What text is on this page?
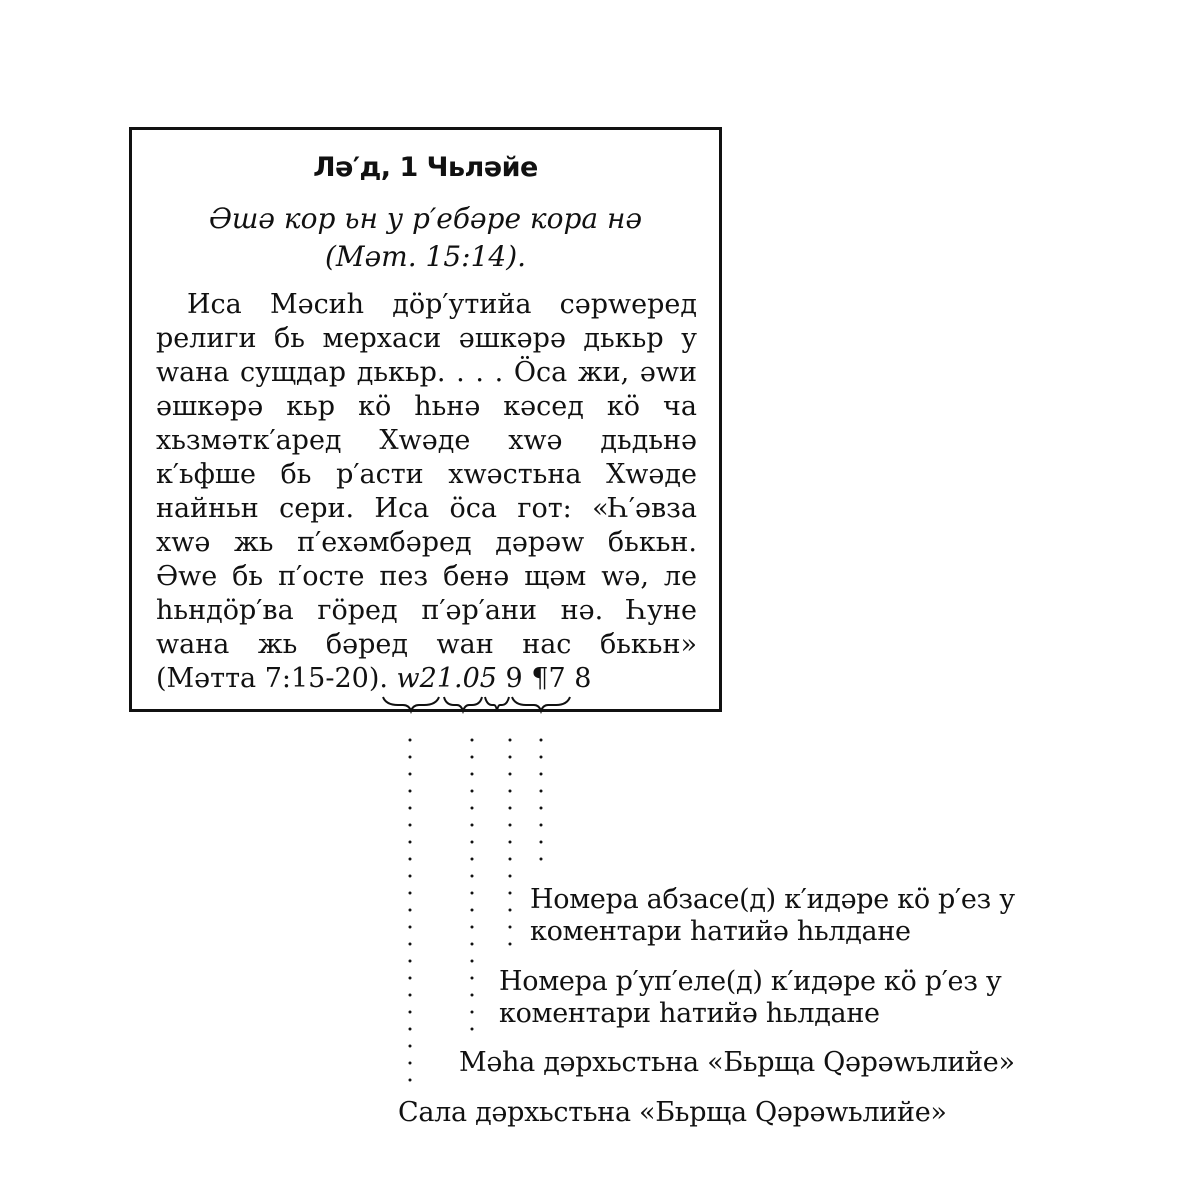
Лә′д, 1 Чьләйе
Әшә кор ьн у р′ебәре кора нә
(Мәт. 15:14).
Иса Мәсиһ дӧр′утийа сәрwеред религи бь мерхаси әшкәрә дькьр у wана сущдар дькьр. . . . Ӧса жи, әwи әшкәрә кьр кӧ һьнә кәсед кӧ ча хьзмәтк′аред Хwәде хwә дьдьнә к′ьфше бь р′асти хwәстьна Хwәде найньн сери. Иса ӧса гот: «Һ′әвза хwә жь п′ехәмбәред дәрәw бькьн. Әwе бь п′осте пез бенә щәм wә, ле һьндӧр′ва гӧред п′әр′ани нә. Һуне wана жь бәред wан нас бькьн» (Мәтта 7:15-20). w21.05 9 ¶7 8
Номера абзасе(д) к′идәре кӧ р′ез у
коментари һатийә һьлдане
Номера р′уп′еле(д) к′идәре кӧ р′ез у
коментари һатийә һьлдане
Мәһа дәрхьстьна «Бьрща Ԛәрәwьлийе»
Сала дәрхьстьна «Бьрща Ԛәрәwьлийе»
